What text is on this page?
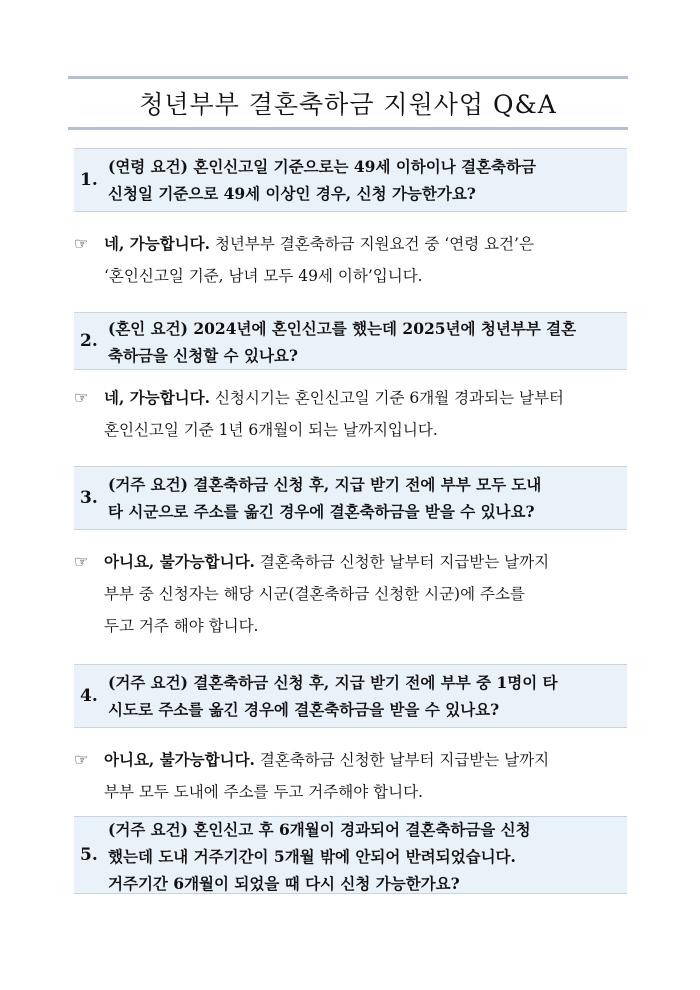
청년부부 결혼축하금 지원사업 Q&A
1.
(연령 요건) 혼인신고일 기준으로는 49세 이하이나 결혼축하금
신청일 기준으로 49세 이상인 경우, 신청 가능한가요?
☞ 네, 가능합니다. 청년부부 결혼축하금 지원요건 중 ‘연령 요건’은
‘혼인신고일 기준, 남녀 모두 49세 이하’입니다.
2.
(혼인 요건) 2024년에 혼인신고를 했는데 2025년에 청년부부 결혼
축하금을 신청할 수 있나요?
☞ 네, 가능합니다. 신청시기는 혼인신고일 기준 6개월 경과되는 날부터
혼인신고일 기준 1년 6개월이 되는 날까지입니다.
3.
(거주 요건) 결혼축하금 신청 후, 지급 받기 전에 부부 모두 도내
타 시군으로 주소를 옮긴 경우에 결혼축하금을 받을 수 있나요?
☞ 아니요, 불가능합니다. 결혼축하금 신청한 날부터 지급받는 날까지
부부 중 신청자는 해당 시군(결혼축하금 신청한 시군)에 주소를
두고 거주 해야 합니다.
4.
(거주 요건) 결혼축하금 신청 후, 지급 받기 전에 부부 중 1명이 타
시도로 주소를 옮긴 경우에 결혼축하금을 받을 수 있나요?
☞ 아니요, 불가능합니다. 결혼축하금 신청한 날부터 지급받는 날까지
부부 모두 도내에 주소를 두고 거주해야 합니다.
5.
(거주 요건) 혼인신고 후 6개월이 경과되어 결혼축하금을 신청
했는데 도내 거주기간이 5개월 밖에 안되어 반려되었습니다.
거주기간 6개월이 되었을 때 다시 신청 가능한가요?
